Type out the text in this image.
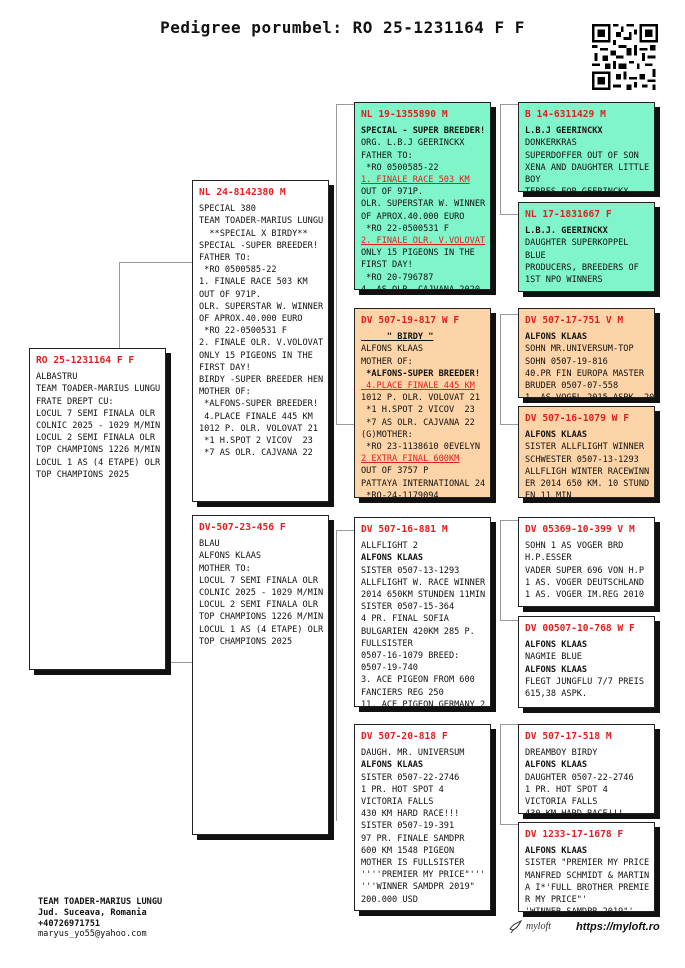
Pedigree porumbel: RO 25-1231164 F F
RO 25-1231164 F F
ALBASTRU
TEAM TOADER-MARIUS LUNGU
FRATE DREPT CU:
LOCUL 7 SEMI FINALA OLR
COLNIC 2025 - 1029 M/MIN
LOCUL 2 SEMI FINALA OLR
TOP CHAMPIONS 1226 M/MIN
LOCUL 1 AS (4 ETAPE) OLR
TOP CHAMPIONS 2025
NL 24-8142380 M
SPECIAL 380
TEAM TOADER-MARIUS LUNGU
**SPECIAL X BIRDY**
SPECIAL -SUPER BREEDER!
FATHER TO:
*RO 0500585-22
1. FINALE RACE 503 KM
OUT OF 971P.
OLR. SUPERSTAR W. WINNER
OF APROX.40.000 EURO
*RO 22-0500531 F
2. FINALE OLR. V.VOLOVAT
ONLY 15 PIGEONS IN THE
FIRST DAY!
BIRDY -SUPER BREEDER HEN
MOTHER OF:
*ALFONS-SUPER BREEDER!
4.PLACE FINALE 445 KM
1012 P. OLR. VOLOVAT 21
*1 H.SPOT 2 VICOV  23
*7 AS OLR. CAJVANA 22
DV-507-23-456 F
BLAU
ALFONS KLAAS
MOTHER TO:
LOCUL 7 SEMI FINALA OLR
COLNIC 2025 - 1029 M/MIN
LOCUL 2 SEMI FINALA OLR
TOP CHAMPIONS 1226 M/MIN
LOCUL 1 AS (4 ETAPE) OLR
TOP CHAMPIONS 2025
NL 19-1355890 M
SPECIAL - SUPER BREEDER!
ORG. L.B.J GEERINCKX
FATHER TO:
*RO 0500585-22
1. FINALE RACE 503 KM
OUT OF 971P.
OLR. SUPERSTAR W. WINNER
OF APROX.40.000 EURO
*RO 22-0500531 F
2. FINALE OLR. V.VOLOVAT
ONLY 15 PIGEONS IN THE
FIRST DAY!
*RO 20-796787
4. AS OLR. CAJVANA 2020
DV 507-19-817 W F
" BIRDY "
ALFONS KLAAS
MOTHER OF:
*ALFONS-SUPER BREEDER!
4.PLACE FINALE 445 KM
1012 P. OLR. VOLOVAT 21
*1 H.SPOT 2 VICOV  23
*7 AS OLR. CAJVANA 22
(G)MOTHER:
*RO 23-1138610 0EVELYN
2 EXTRA FINAL 600KM
OUT OF 3757 P
PATTAYA INTERNATIONAL 24
*RO-24-1179094
DV 507-16-881 M
ALLFLIGHT 2
ALFONS KLAAS
SISTER 0507-13-1293
ALLFLIGHT W. RACE WINNER
2014 650KM STUNDEN 11MIN
SISTER 0507-15-364
4 PR. FINAL SOFIA
BULGARIEN 420KM 285 P.
FULLSISTER
0507-16-1079 BREED:
0507-19-740
3. ACE PIGEON FROM 600
FANCIERS REG 250
11. ACE PIGEON GERMANY 2
DV 507-20-818 F
DAUGH. MR. UNIVERSUM
ALFONS KLAAS
SISTER 0507-22-2746
1 PR. HOT SPOT 4
VICTORIA FALLS
430 KM HARD RACE!!!
SISTER 0507-19-391
97 PR. FINALE SAMDPR
600 KM 1548 PIGEON
MOTHER IS FULLSISTER
''''PREMIER MY PRICE"''' '
'''WINNER SAMDPR 2019"
200.000 USD
B 14-6311429 M
L.B.J GEERINCKX
DONKERKRAS
SUPERDOFFER OUT OF SON
XENA AND DAUGHTER LITTLE
BOY
TERRES FOR GEERINCKX
NL 17-1831667 F
L.B.J. GEERINCKX
DAUGHTER SUPERKOPPEL
BLUE
PRODUCERS, BREEDERS OF
1ST NPO WINNERS
DV 507-17-751 V M
ALFONS KLAAS
SOHN MR.UNIVERSUM-TOP
SOHN 0507-19-816
40.PR FIN EUROPA MASTER
BRUDER 0507-07-558
1. AS VOGEL 2015 ASPK. 20
DV 507-16-1079 W F
ALFONS KLAAS
SISTER ALLFLIGHT WINNER
SCHWESTER 0507-13-1293
ALLFLIGH WINTER RACEWINN
ER 2014 650 KM. 10 STUND
EN 11 MIN
DV 05369-10-399 V M
SOHN 1 AS VOGER BRD
H.P.ESSER
VADER SUPER 696 VON H.P
1 AS. VOGER DEUTSCHLAND
1 AS. VOGER IM.REG 2010
DV 00507-10-768 W F
ALFONS KLAAS
NAGMIE BLUE
ALFONS KLAAS
FLEGT JUNGFLU 7/7 PREIS
615,38 ASPK.
DV 507-17-518 M
DREAMBOY BIRDY
ALFONS KLAAS
DAUGHTER 0507-22-2746
1 PR. HOT SPOT 4
VICTORIA FALLS
430 KM HARD RACE!!!
DV 1233-17-1678 F
ALFONS KLAAS
SISTER "PREMIER MY PRICE
MANFRED SCHMIDT & MARTIN
A I*'FULL BROTHER PREMIE
R MY PRICE"'
'WINNER SAMDPR 2019"'
TEAM TOADER-MARIUS LUNGU
Jud. Suceava, Romania
+40726971751
maryus_yo55@yahoo.com
myloft https://myloft.ro
